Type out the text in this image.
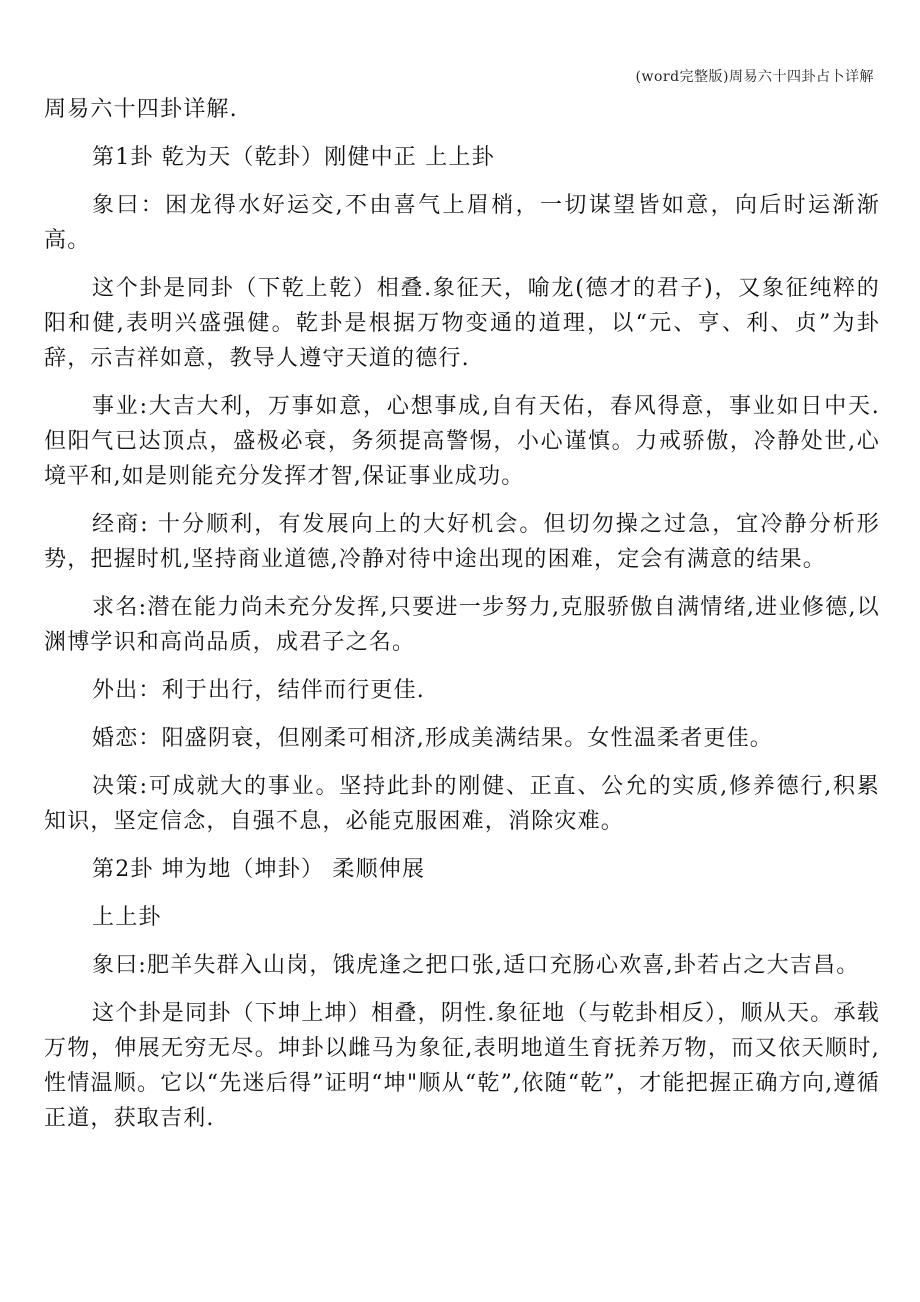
(word完整版)周易六十四卦占卜详解
周易六十四卦详解.
第1卦 乾为天（乾卦）刚健中正 上上卦
象曰：困龙得水好运交,不由喜气上眉梢，一切谋望皆如意，向后时运渐渐高。
这个卦是同卦（下乾上乾）相叠.象征天，喻龙(德才的君子)，又象征纯粹的阳和健,表明兴盛强健。乾卦是根据万物变通的道理，以“元、亨、利、贞”为卦辞，示吉祥如意，教导人遵守天道的德行.
事业:大吉大利，万事如意，心想事成,自有天佑，春风得意，事业如日中天.但阳气已达顶点，盛极必衰，务须提高警惕，小心谨慎。力戒骄傲，冷静处世,心境平和,如是则能充分发挥才智,保证事业成功。
经商: 十分顺利，有发展向上的大好机会。但切勿操之过急，宜冷静分析形势，把握时机,坚持商业道德,冷静对待中途出现的困难，定会有满意的结果。
求名:潜在能力尚未充分发挥,只要进一步努力,克服骄傲自满情绪,进业修德,以渊博学识和高尚品质，成君子之名。
外出：利于出行，结伴而行更佳.
婚恋：阳盛阴衰，但刚柔可相济,形成美满结果。女性温柔者更佳。
决策:可成就大的事业。坚持此卦的刚健、正直、公允的实质,修养德行,积累知识，坚定信念，自强不息，必能克服困难，消除灾难。
第2卦 坤为地（坤卦） 柔顺伸展
上上卦
象曰:肥羊失群入山岗，饿虎逢之把口张,适口充肠心欢喜,卦若占之大吉昌。
这个卦是同卦（下坤上坤）相叠，阴性.象征地（与乾卦相反），顺从天。承载万物，伸展无穷无尽。坤卦以雌马为象征,表明地道生育抚养万物，而又依天顺时,性情温顺。它以“先迷后得”证明“坤"顺从“乾”,依随“乾”，才能把握正确方向,遵循正道，获取吉利.
